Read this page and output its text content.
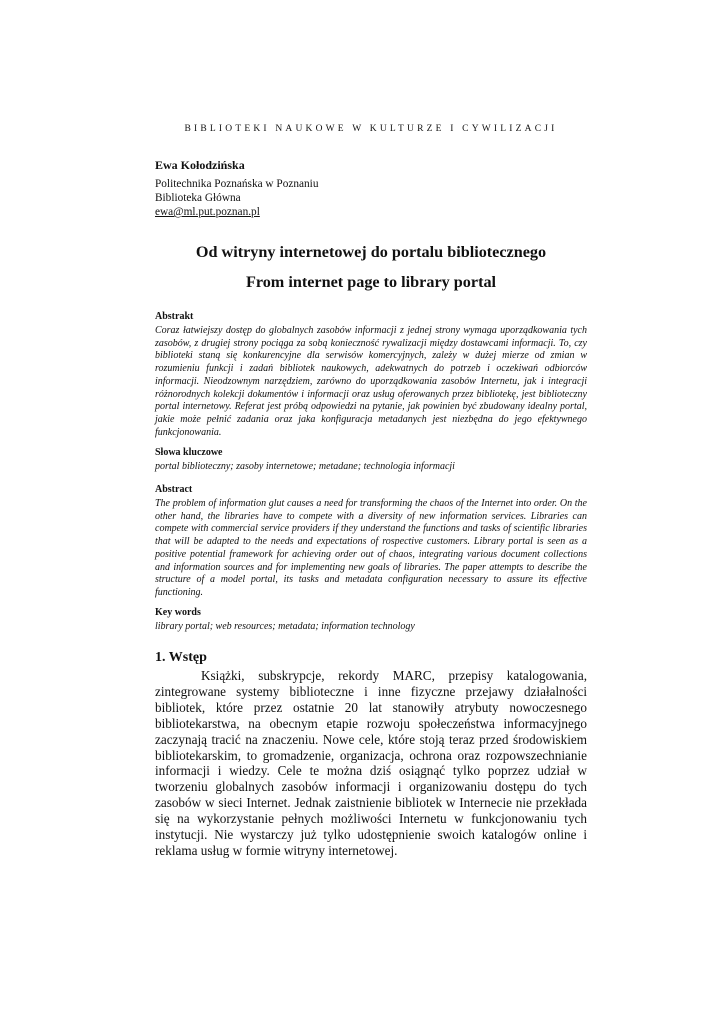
BIBLIOTEKI NAUKOWE W KULTURZE I CYWILIZACJI
Ewa Kołodzińska
Politechnika Poznańska w Poznaniu
Biblioteka Główna
ewa@ml.put.poznan.pl

Od witryny internetowej do portalu bibliotecznego

From internet page to library portal

Abstrakt

Coraz łatwiejszy dostęp do globalnych zasobów informacji z jednej strony wymaga uporządkowania tych zasobów, z drugiej strony pociąga za sobą konieczność rywalizacji między dostawcami informacji. To, czy biblioteki staną się konkurencyjne dla serwisów komercyjnych, zależy w dużej mierze od zmian w rozumieniu funkcji i zadań bibliotek naukowych, adekwatnych do potrzeb i oczekiwań odbiorców informacji. Nieodzownym narzędziem, zarówno do uporządkowania zasobów Internetu, jak i integracji różnorodnych kolekcji dokumentów i informacji oraz usług oferowanych przez bibliotekę, jest biblioteczny portal internetowy. Referat jest próbą odpowiedzi na pytanie, jak powinien być zbudowany idealny portal, jakie może pełnić zadania oraz jaka konfiguracja metadanych jest niezbędna do jego efektywnego funkcjonowania.

Słowa kluczowe

portal biblioteczny; zasoby internetowe; metadane; technologia informacji

Abstract

The problem of information glut causes a need for transforming the chaos of the Internet into order. On the other hand, the libraries have to compete with a diversity of new information services. Libraries can compete with commercial service providers if they understand the functions and tasks of scientific libraries that will be adapted to the needs and expectations of rospective customers. Library portal is seen as a positive potential framework for achieving order out of chaos, integrating various document collections and information sources and for implementing new goals of libraries. The paper attempts to describe the structure of a model portal, its tasks and metadata configuration necessary to assure its effective functioning.

Key words

library portal; web resources; metadata; information technology

1. Wstęp

Książki, subskrypcje, rekordy MARC, przepisy katalogowania, zintegrowane systemy biblioteczne i inne fizyczne przejawy działalności bibliotek, które przez ostatnie 20 lat stanowiły atrybuty nowoczesnego bibliotekarstwa, na obecnym etapie rozwoju społeczeństwa informacyjnego zaczynają tracić na znaczeniu. Nowe cele, które stoją teraz przed środowiskiem bibliotekarskim, to gromadzenie, organizacja, ochrona oraz rozpowszechnianie informacji i wiedzy. Cele te można dziś osiągnąć tylko poprzez udział w tworzeniu globalnych zasobów informacji i organizowaniu dostępu do tych zasobów w sieci Internet. Jednak zaistnienie bibliotek w Internecie nie przekłada się na wykorzystanie pełnych możliwości Internetu w funkcjonowaniu tych instytucji. Nie wystarczy już tylko udostępnienie swoich katalogów online i reklama usług w formie witryny internetowej.
